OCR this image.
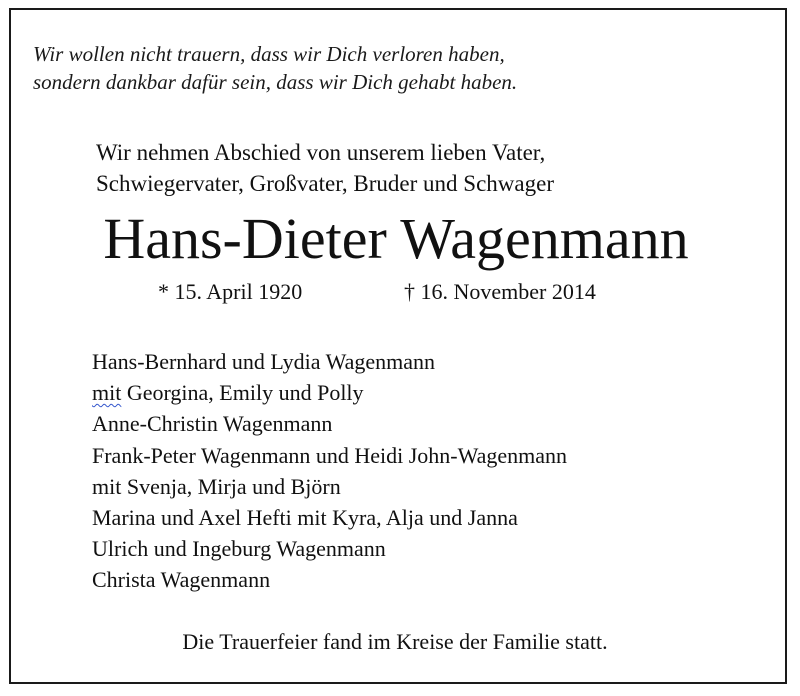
Wir wollen nicht trauern, dass wir Dich verloren haben,
sondern dankbar dafür sein, dass wir Dich gehabt haben.
Wir nehmen Abschied von unserem lieben Vater,
Schwiegervater, Großvater, Bruder und Schwager
Hans-Dieter Wagenmann
* 15. April 1920	† 16. November 2014
Hans-Bernhard und Lydia Wagenmann
mit Georgina, Emily und Polly
Anne-Christin Wagenmann
Frank-Peter Wagenmann und Heidi John-Wagenmann
mit Svenja, Mirja und Björn
Marina und Axel Hefti mit Kyra, Alja und Janna
Ulrich und Ingeburg Wagenmann
Christa Wagenmann
Die Trauerfeier fand im Kreise der Familie statt.
